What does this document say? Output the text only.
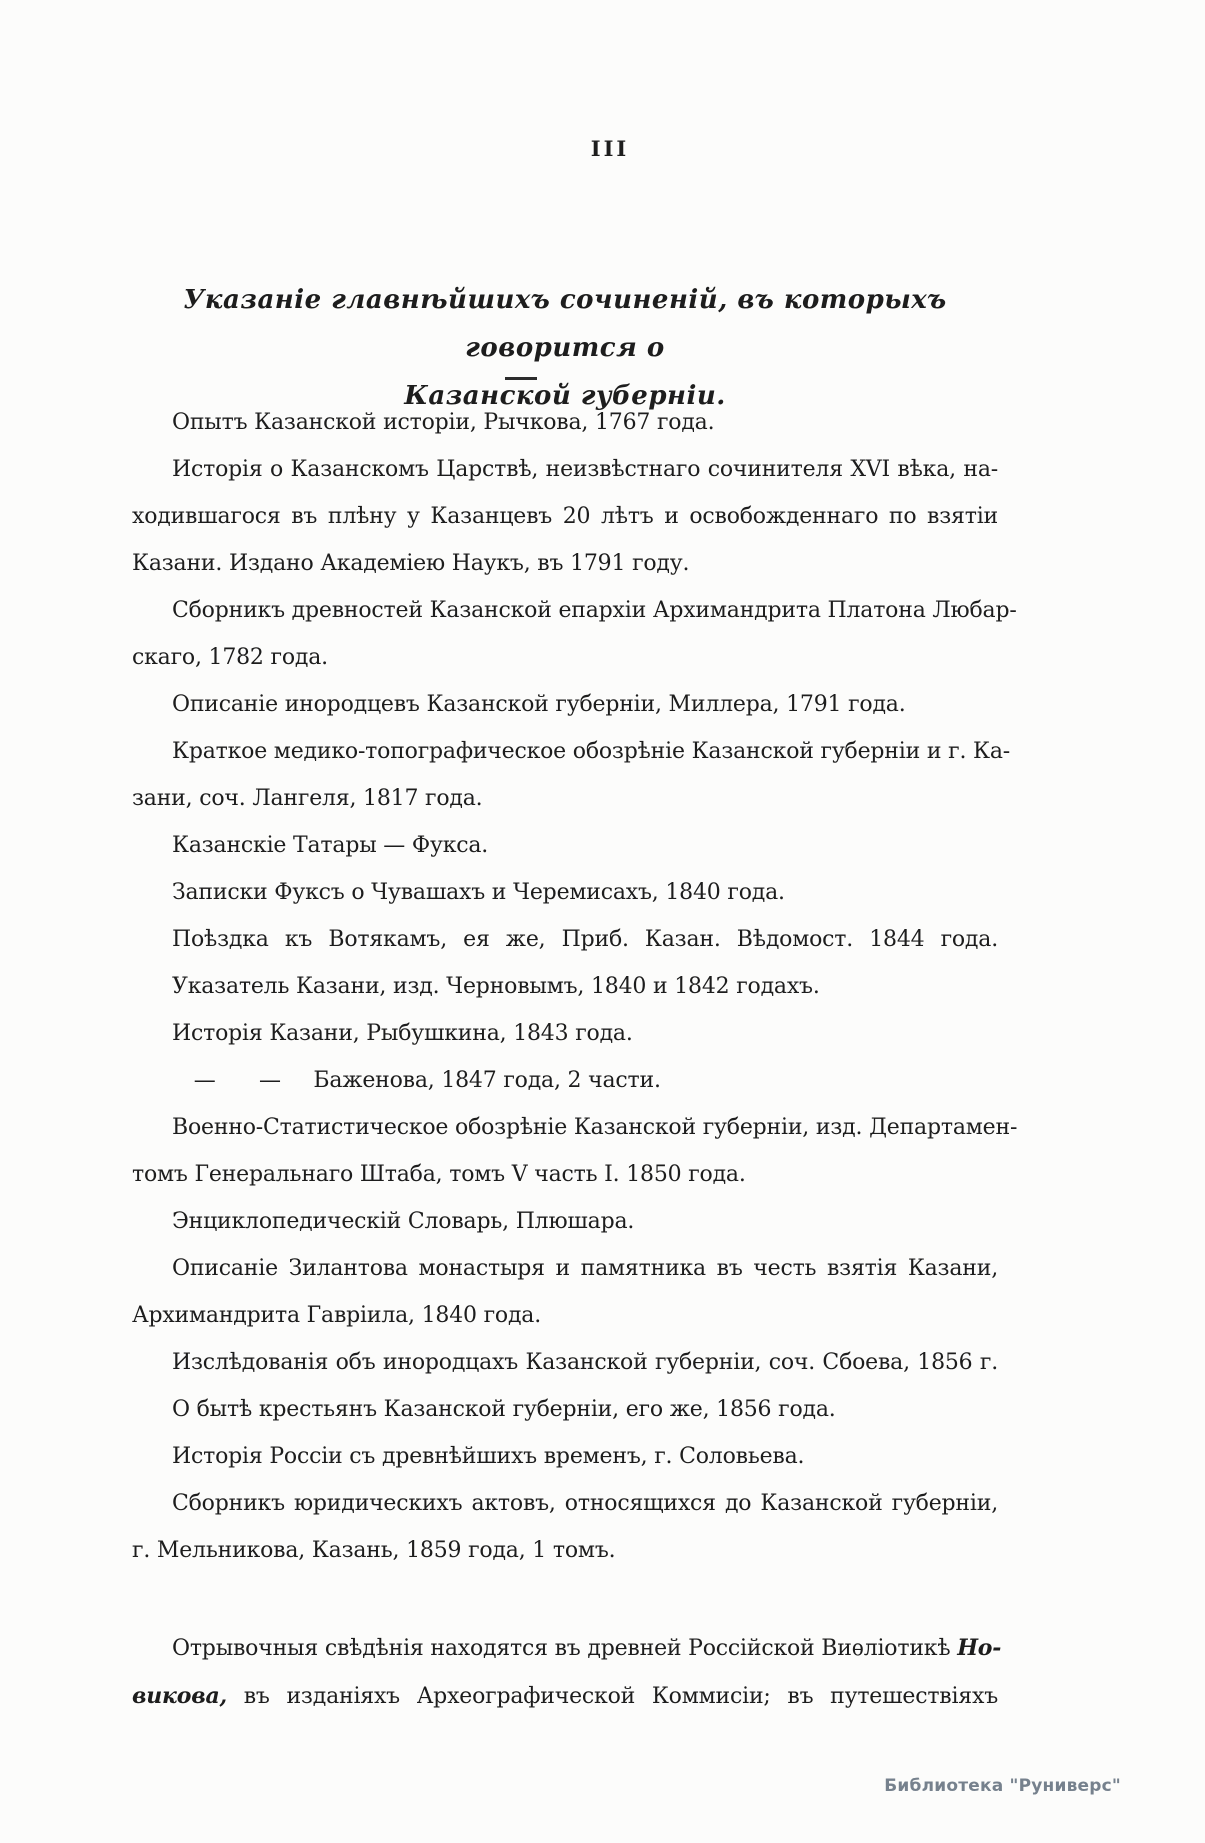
III
Указаніе главнѣйшихъ сочиненій, въ которыхъ говорится о
Казанской губерніи.
Опытъ Казанской исторіи, Рычкова, 1767 года.
Исторія о Казанскомъ Царствѣ, неизвѣстнаго сочинителя XVI вѣка, на-
ходившагося въ плѣну у Казанцевъ 20 лѣтъ и освобожденнаго по взятіи
Казани. Издано Академіею Наукъ, въ 1791 году.
Сборникъ древностей Казанской епархіи Архимандрита Платона Любар-
скаго, 1782 года.
Описаніе инородцевъ Казанской губерніи, Миллера, 1791 года.
Краткое медико-топографическое обозрѣніе Казанской губерніи и г. Ка-
зани, соч. Лангеля, 1817 года.
Казанскіе Татары — Фукса.
Записки Фуксъ о Чувашахъ и Черемисахъ, 1840 года.
Поѣздка къ Вотякамъ, ея же, Приб. Казан. Вѣдомост. 1844 года.
Указатель Казани, изд. Черновымъ, 1840 и 1842 годахъ.
Исторія Казани, Рыбушкина, 1843 года.
 —   —  Баженова, 1847 года, 2 части.
Военно-Статистическое обозрѣніе Казанской губерніи, изд. Департамен-
томъ Генеральнаго Штаба, томъ V часть I. 1850 года.
Энциклопедическій Словарь, Плюшара.
Описаніе Зилантова монастыря и памятника въ честь взятія Казани,
Архимандрита Гавріила, 1840 года.
Изслѣдованія объ инородцахъ Казанской губерніи, соч. Сбоева, 1856 г.
О бытѣ крестьянъ Казанской губерніи, его же, 1856 года.
Исторія Россіи съ древнѣйшихъ временъ, г. Соловьева.
Сборникъ юридическихъ актовъ, относящихся до Казанской губерніи,
г. Мельникова, Казань, 1859 года, 1 томъ.
Отрывочныя свѣдѣнія находятся въ древней Россійской Виѳліотикѣ Но-
викова, въ изданіяхъ Археографической Коммисіи; въ путешествіяхъ
Библиотека "Руниверс"
